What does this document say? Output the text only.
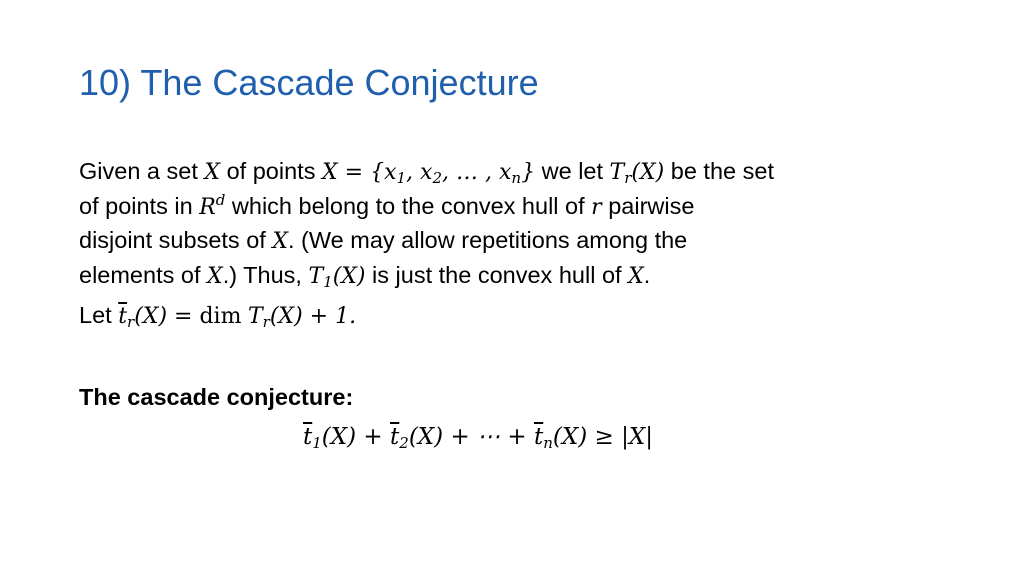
10) The Cascade Conjecture
Given a set X of points $X = \{x_1$, $x_2$, … , $x_n$} we let $T_r(X)$ be the set
of points in $R^d$ which belong to the convex hull of r pairwise
disjoint subsets of X. (We may allow repetitions among the
elements of X.) Thus, $T_1(X)$ is just the convex hull of X.
Let $\overline{t}_r(X)$ = dim $T_r(X) + 1$.
The cascade conjecture:
$\overline{t}_1(X) + \overline{t}_2(X)$ + ⋯ + $\overline{t}_n(X) \ge |X|$
